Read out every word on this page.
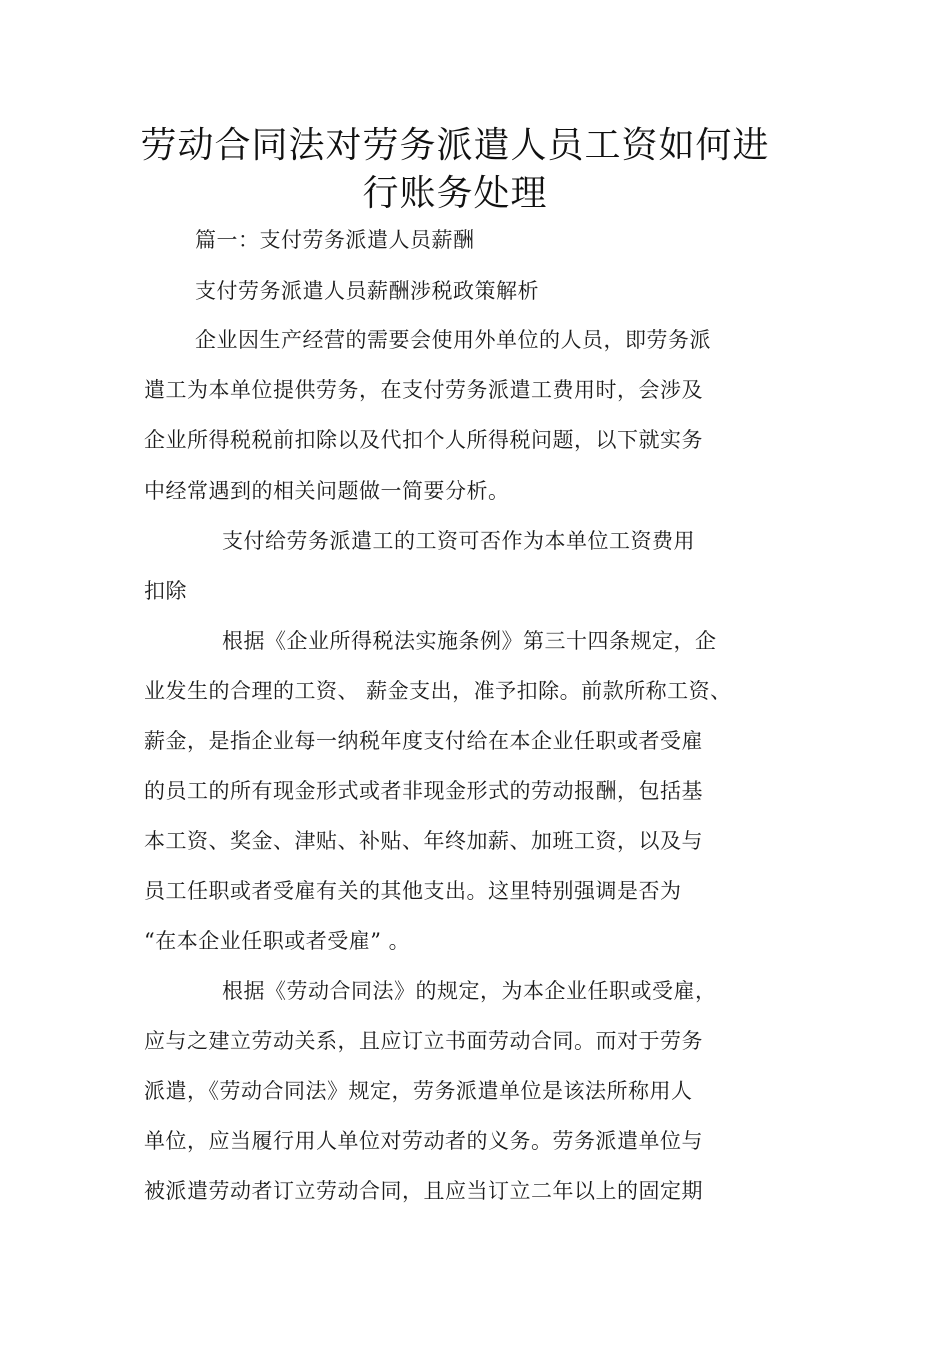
劳动合同法对劳务派遣人员工资如何进
行账务处理
篇一：支付劳务派遣人员薪酬
支付劳务派遣人员薪酬涉税政策解析
企业因生产经营的需要会使用外单位的人员，即劳务派
遣工为本单位提供劳务，在支付劳务派遣工费用时，会涉及
企业所得税税前扣除以及代扣个人所得税问题，以下就实务
中经常遇到的相关问题做一简要分析。
支付给劳务派遣工的工资可否作为本单位工资费用
扣除
根据《企业所得税法实施条例》第三十四条规定，企
业发生的合理的工资、 薪金支出，准予扣除。前款所称工资、
薪金，是指企业每一纳税年度支付给在本企业任职或者受雇
的员工的所有现金形式或者非现金形式的劳动报酬，包括基
本工资、奖金、津贴、补贴、年终加薪、加班工资，以及与
员工任职或者受雇有关的其他支出。这里特别强调是否为
“在本企业任职或者受雇” 。
根据《劳动合同法》的规定，为本企业任职或受雇，
应与之建立劳动关系，且应订立书面劳动合同。而对于劳务
派遣，《劳动合同法》规定，劳务派遣单位是该法所称用人
单位，应当履行用人单位对劳动者的义务。劳务派遣单位与
被派遣劳动者订立劳动合同，且应当订立二年以上的固定期
